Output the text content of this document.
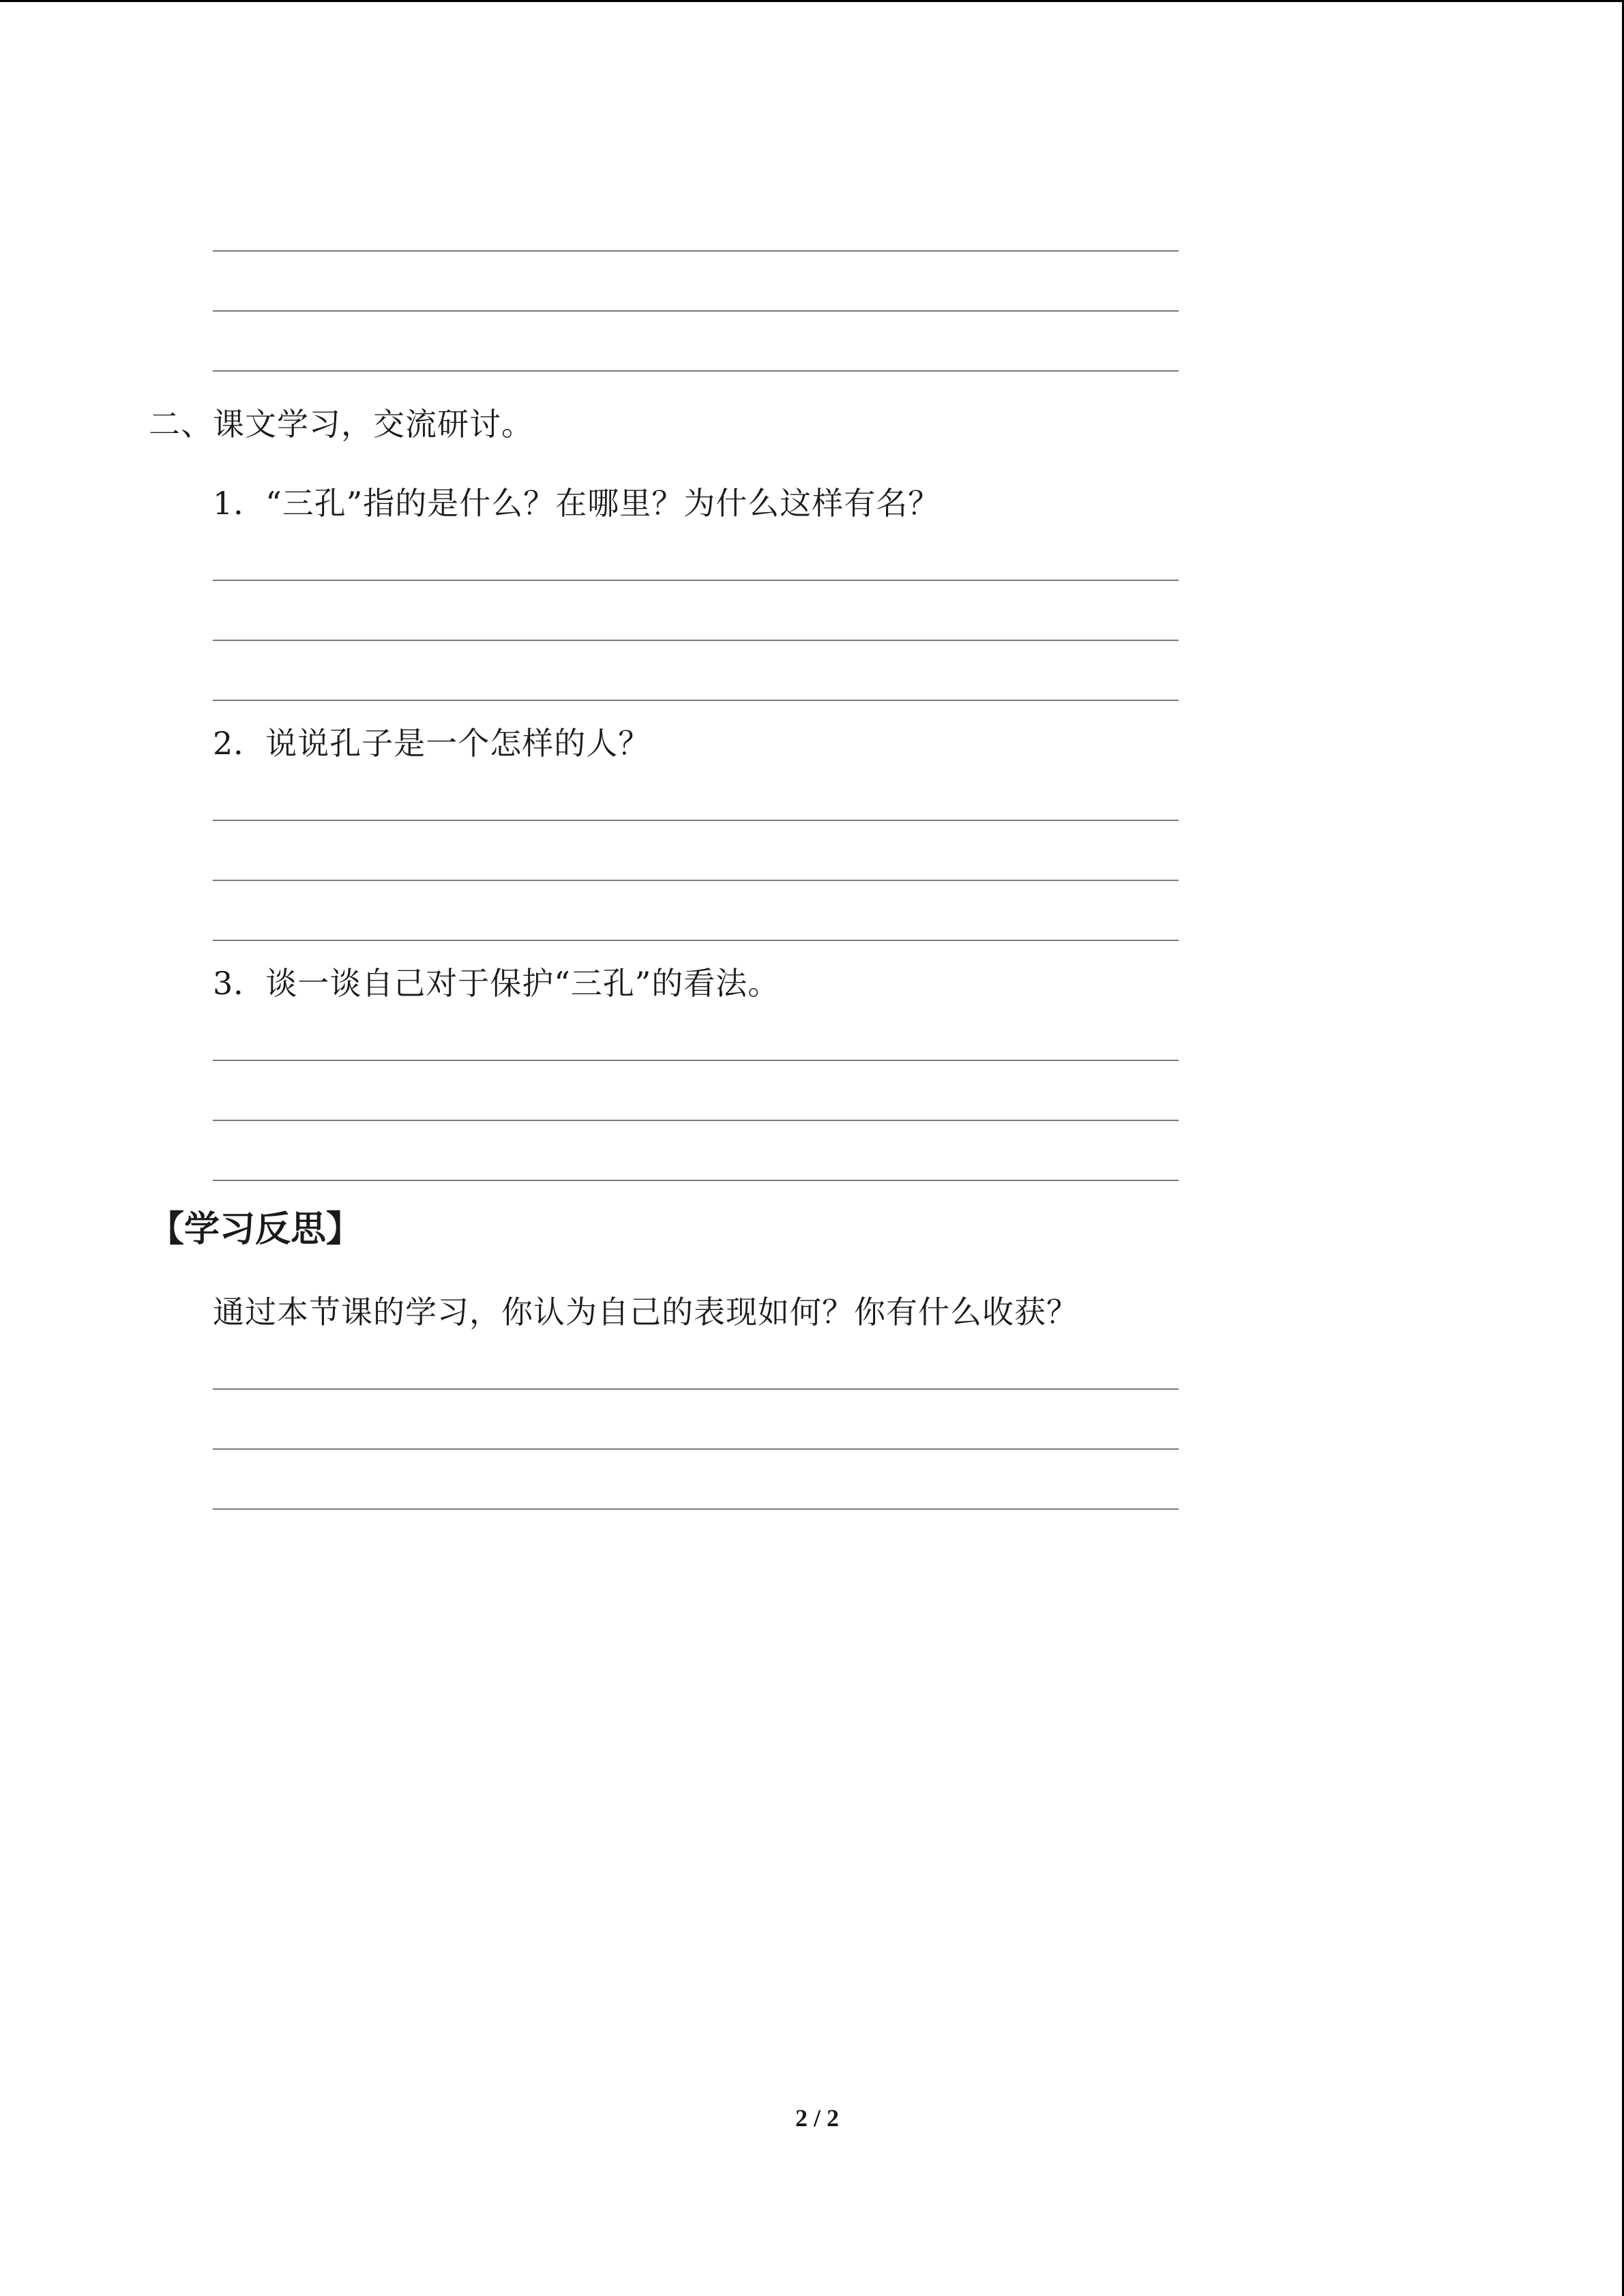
二、课文学习，交流研讨。
1．“三孔”指的是什么？在哪里？为什么这样有名？
2．说说孔子是一个怎样的人？
3．谈一谈自己对于保护“三孔”的看法。
【学习反思】
通过本节课的学习，你认为自己的表现如何？你有什么收获？
2 / 2
